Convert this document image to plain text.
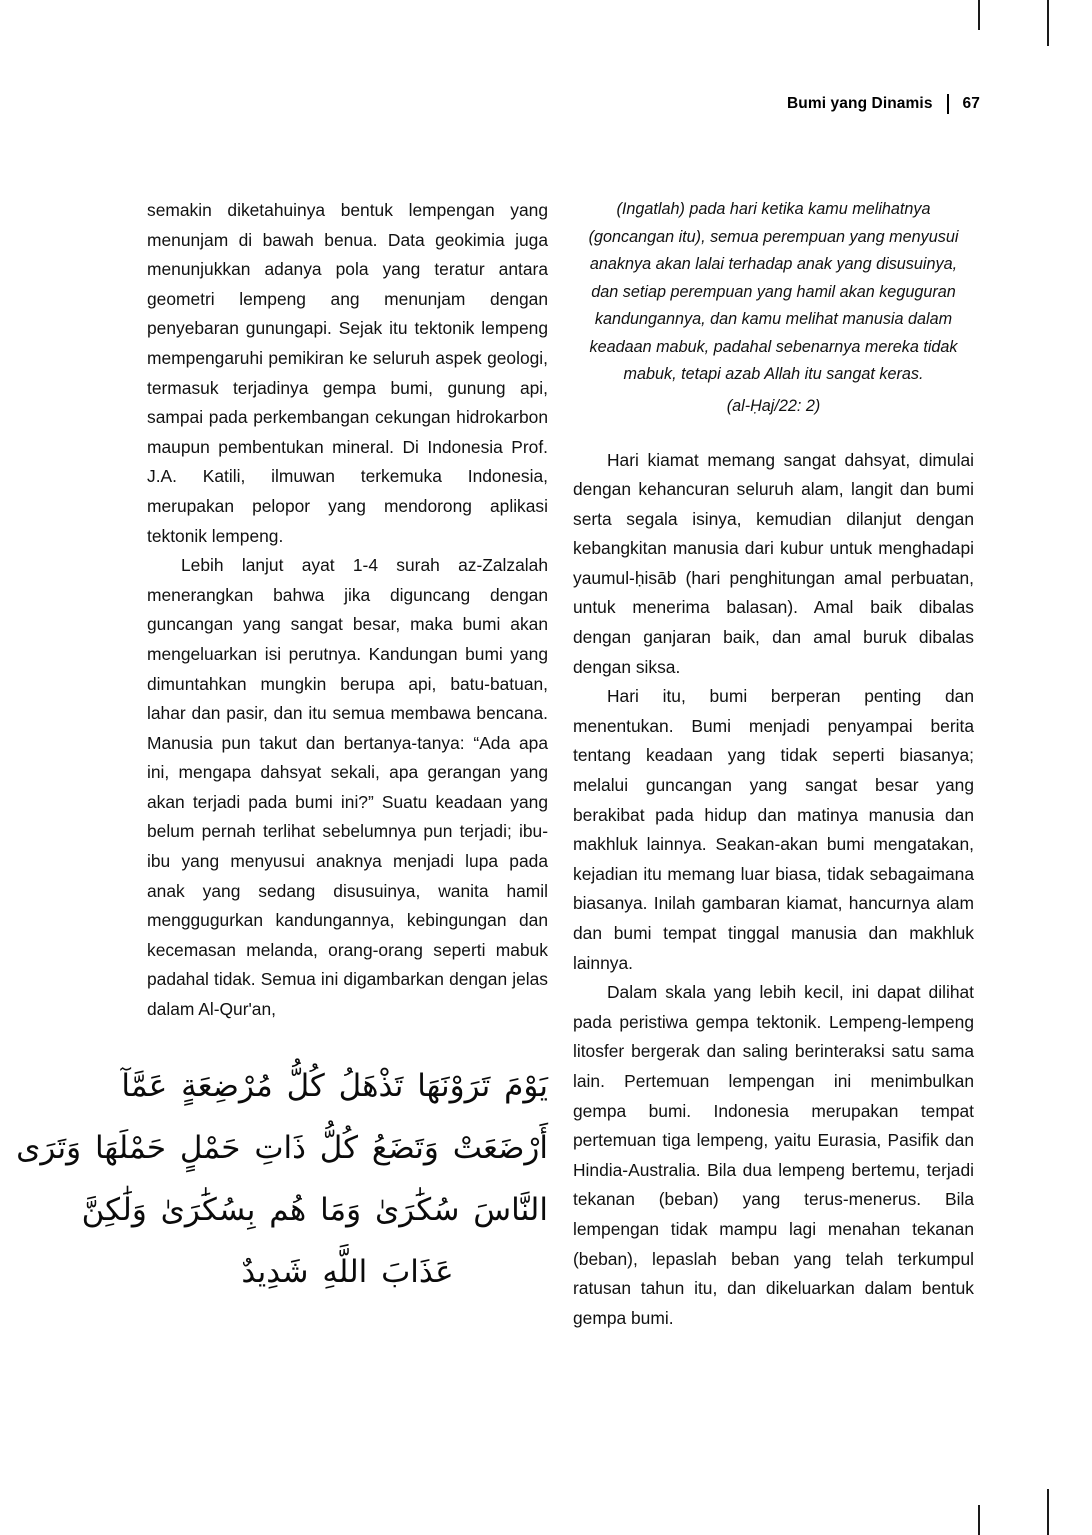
Bumi yang Dinamis	67

semakin diketahuinya bentuk lempengan yang menunjam di bawah benua. Data geokimia juga menunjukkan adanya pola yang teratur antara geometri lempeng ang menunjam dengan penyebaran gunungapi. Sejak itu tektonik lempeng mempengaruhi pemikiran ke seluruh aspek geologi, termasuk terjadinya gempa bumi, gunung api, sampai pada perkembangan cekungan hidrokarbon maupun pembentukan mineral. Di Indonesia Prof. J.A. Katili, ilmuwan terkemuka Indonesia, merupakan pelopor yang mendorong aplikasi tektonik lempeng.

Lebih lanjut ayat 1-4 surah az-Zalzalah menerangkan bahwa jika diguncang dengan guncangan yang sangat besar, maka bumi akan mengeluarkan isi perutnya. Kandungan bumi yang dimuntahkan mungkin berupa api, batu-batuan, lahar dan pasir, dan itu semua membawa bencana. Manusia pun takut dan bertanya-tanya: “Ada apa ini, mengapa dahsyat sekali, apa gerangan yang akan terjadi pada bumi ini?” Suatu keadaan yang belum pernah terlihat sebelumnya pun terjadi; ibu-ibu yang menyusui anaknya menjadi lupa pada anak yang sedang disusuinya, wanita hamil menggugurkan kandungannya, kebingungan dan kecemasan melanda, orang-orang seperti mabuk padahal tidak. Semua ini digambarkan dengan jelas dalam Al-Qur'an,

يَوْمَ تَرَوْنَهَا تَذْهَلُ كُلُّ مُرْضِعَةٍ عَمَّآ
أَرْضَعَتْ وَتَضَعُ كُلُّ ذَاتِ حَمْلٍ حَمْلَهَا وَتَرَى
النَّاسَ سُكَٰرَىٰ وَمَا هُم بِسُكَٰرَىٰ وَلَٰكِنَّ
عَذَابَ اللَّهِ شَدِيدٌ

(Ingatlah) pada hari ketika kamu melihatnya (goncangan itu), semua perempuan yang menyusui anaknya akan lalai terhadap anak yang disusuinya, dan setiap perempuan yang hamil akan keguguran kandungannya, dan kamu melihat manusia dalam keadaan mabuk, padahal sebenarnya mereka tidak mabuk, tetapi azab Allah itu sangat keras.

(al-Ḥaj/22: 2)

Hari kiamat memang sangat dahsyat, dimulai dengan kehancuran seluruh alam, langit dan bumi serta segala isinya, kemudian dilanjut dengan kebangkitan manusia dari kubur untuk menghadapi yaumul-ḥisāb (hari penghitungan amal perbuatan, untuk menerima balasan). Amal baik dibalas dengan ganjaran baik, dan amal buruk dibalas dengan siksa.

Hari itu, bumi berperan penting dan menentukan. Bumi menjadi penyampai berita tentang keadaan yang tidak seperti biasanya; melalui guncangan yang sangat besar yang berakibat pada hidup dan matinya manusia dan makhluk lainnya. Seakan-akan bumi mengatakan, kejadian itu memang luar biasa, tidak sebagaimana biasanya. Inilah gambaran kiamat, hancurnya alam dan bumi tempat tinggal manusia dan makhluk lainnya.

Dalam skala yang lebih kecil, ini dapat dilihat pada peristiwa gempa tektonik. Lempeng-lempeng litosfer bergerak dan saling berinteraksi satu sama lain. Pertemuan lempengan ini menimbulkan gempa bumi. Indonesia merupakan tempat pertemuan tiga lempeng, yaitu Eurasia, Pasifik dan Hindia-Australia. Bila dua lempeng bertemu, terjadi tekanan (beban) yang terus-menerus. Bila lempengan tidak mampu lagi menahan tekanan (beban), lepaslah beban yang telah terkumpul ratusan tahun itu, dan dikeluarkan dalam bentuk gempa bumi.
